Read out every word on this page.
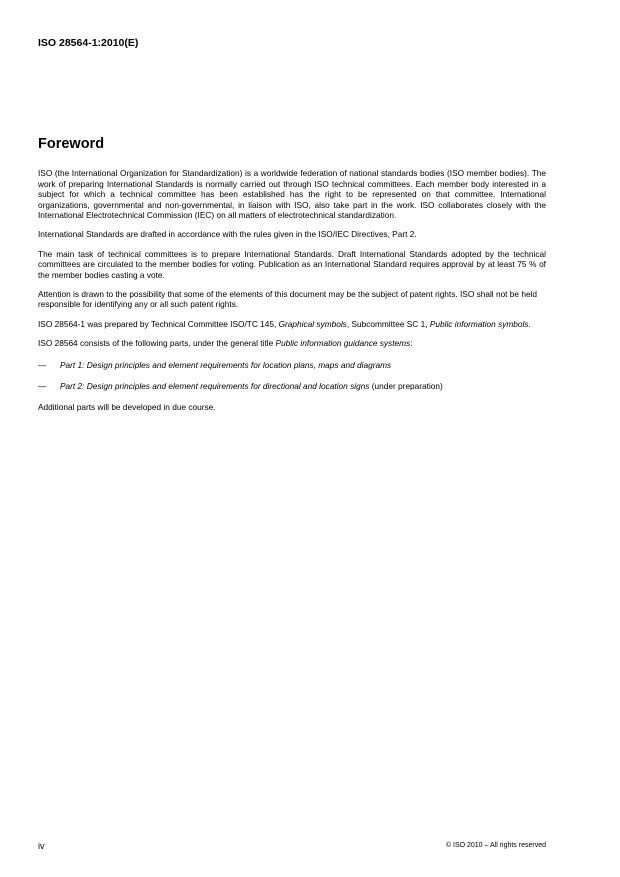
ISO 28564-1:2010(E)

Foreword

ISO (the International Organization for Standardization) is a worldwide federation of national standards bodies (ISO member bodies). The work of preparing International Standards is normally carried out through ISO technical committees. Each member body interested in a subject for which a technical committee has been established has the right to be represented on that committee. International organizations, governmental and non-governmental, in liaison with ISO, also take part in the work. ISO collaborates closely with the International Electrotechnical Commission (IEC) on all matters of electrotechnical standardization.

International Standards are drafted in accordance with the rules given in the ISO/IEC Directives, Part 2.

The main task of technical committees is to prepare International Standards. Draft International Standards adopted by the technical committees are circulated to the member bodies for voting. Publication as an International Standard requires approval by at least 75 % of the member bodies casting a vote.

Attention is drawn to the possibility that some of the elements of this document may be the subject of patent rights. ISO shall not be held responsible for identifying any or all such patent rights.

ISO 28564-1 was prepared by Technical Committee ISO/TC 145, Graphical symbols, Subcommittee SC 1, Public information symbols.

ISO 28564 consists of the following parts, under the general title Public information guidance systems:

—	Part 1: Design principles and element requirements for location plans, maps and diagrams
—	Part 2: Design principles and element requirements for directional and location signs (under preparation)

Additional parts will be developed in due course.

iv	© ISO 2010 – All rights reserved
